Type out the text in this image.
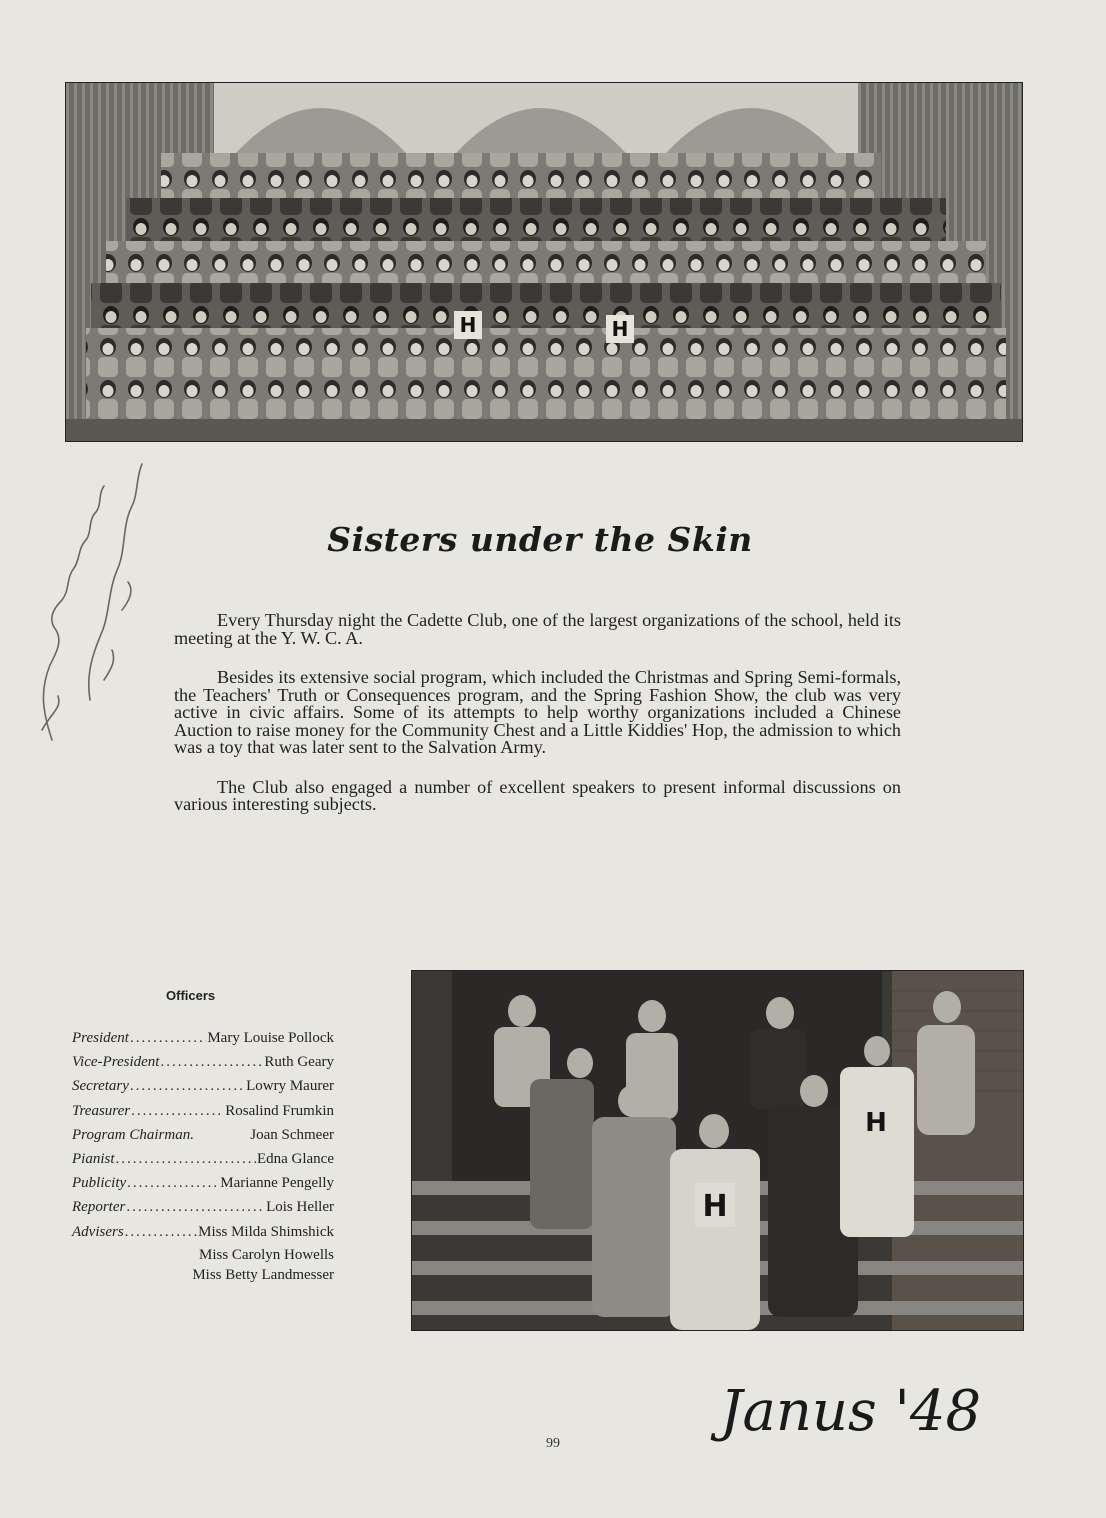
H	H
Sisters under the Skin

Every Thursday night the Cadette Club, one of the largest organizations of the school, held its meeting at the Y. W. C. A.

Besides its extensive social program, which included the Christmas and Spring Semi-formals, the Teachers' Truth or Consequences program, and the Spring Fashion Show, the club was very active in civic affairs. Some of its attempts to help worthy organizations included a Chinese Auction to raise money for the Community Chest and a Little Kiddies' Hop, the admission to which was a toy that was later sent to the Salvation Army.

The Club also engaged a number of excellent speakers to present informal discussions on various interesting subjects.

Officers
President .....	Mary Louise Pollock
Vice-President .....	Ruth Geary
Secretary .....	Lowry Maurer
Treasurer .....	Rosalind Frumkin
Program Chairman.	Joan Schmeer
Pianist .....	Edna Glance
Publicity .....	Marianne Pengelly
Reporter .....	Lois Heller
Advisers .....	Miss Milda Shimshick
Miss Carolyn Howells
Miss Betty Landmesser
H
H
Janus '48
99
